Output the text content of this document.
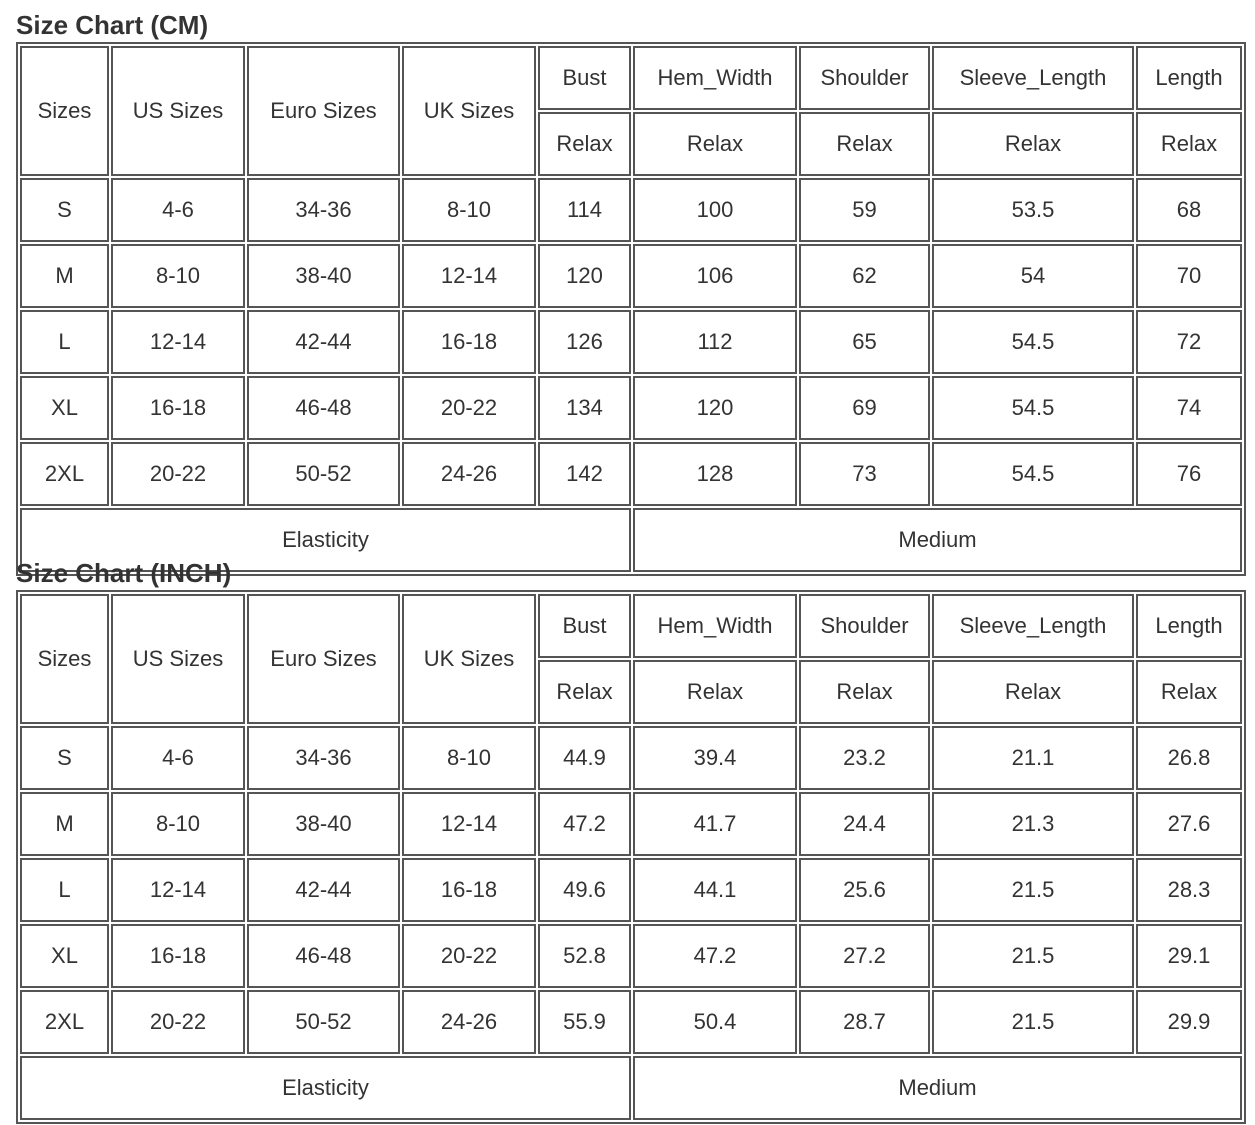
Size Chart (CM)
Sizes	US Sizes	Euro Sizes	UK Sizes	Bust	Hem_Width	Shoulder	Sleeve_Length	Length
				Relax	Relax	Relax	Relax	Relax
S	4-6	34-36	8-10	114	100	59	53.5	68
M	8-10	38-40	12-14	120	106	62	54	70
L	12-14	42-44	16-18	126	112	65	54.5	72
XL	16-18	46-48	20-22	134	120	69	54.5	74
2XL	20-22	50-52	24-26	142	128	73	54.5	76
Elasticity					Medium			
Size Chart (INCH)
Sizes	US Sizes	Euro Sizes	UK Sizes	Bust	Hem_Width	Shoulder	Sleeve_Length	Length
				Relax	Relax	Relax	Relax	Relax
S	4-6	34-36	8-10	44.9	39.4	23.2	21.1	26.8
M	8-10	38-40	12-14	47.2	41.7	24.4	21.3	27.6
L	12-14	42-44	16-18	49.6	44.1	25.6	21.5	28.3
XL	16-18	46-48	20-22	52.8	47.2	27.2	21.5	29.1
2XL	20-22	50-52	24-26	55.9	50.4	28.7	21.5	29.9
Elasticity					Medium			
